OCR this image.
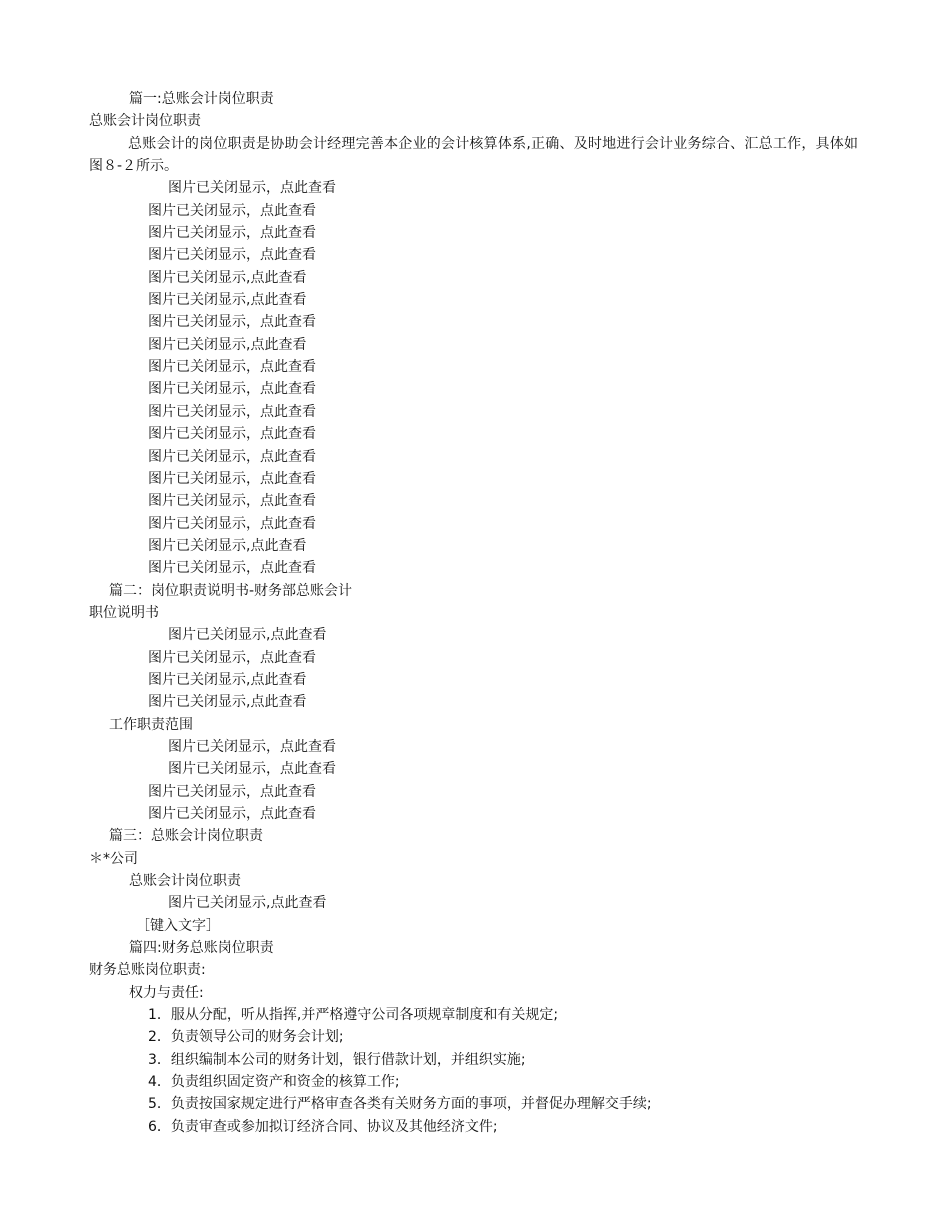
篇一:总账会计岗位职责
总账会计岗位职责
总账会计的岗位职责是协助会计经理完善本企业的会计核算体系,正确、及时地进行会计业务综合、汇总工作，具体如图８-２所示。
图片已关闭显示，点此查看
图片已关闭显示，点此查看
图片已关闭显示，点此查看
图片已关闭显示，点此查看
图片已关闭显示,点此查看
图片已关闭显示,点此查看
图片已关闭显示，点此查看
图片已关闭显示,点此查看
图片已关闭显示，点此查看
图片已关闭显示，点此查看
图片已关闭显示，点此查看
图片已关闭显示，点此查看
图片已关闭显示，点此查看
图片已关闭显示，点此查看
图片已关闭显示，点此查看
图片已关闭显示，点此查看
图片已关闭显示,点此查看
图片已关闭显示，点此查看
篇二：岗位职责说明书-财务部总账会计
职位说明书
图片已关闭显示,点此查看
图片已关闭显示，点此查看
图片已关闭显示,点此查看
图片已关闭显示,点此查看
工作职责范围
图片已关闭显示，点此查看
图片已关闭显示，点此查看
图片已关闭显示，点此查看
图片已关闭显示，点此查看
篇三：总账会计岗位职责
＊*公司
总账会计岗位职责
图片已关闭显示,点此查看
［键入文字］
篇四:财务总账岗位职责
财务总账岗位职责:
权力与责任:
1．服从分配，听从指挥,并严格遵守公司各项规章制度和有关规定;
2．负责领导公司的财务会计划;
3．组织编制本公司的财务计划，银行借款计划，并组织实施;
4．负责组织固定资产和资金的核算工作;
5．负责按国家规定进行严格审查各类有关财务方面的事项，并督促办理解交手续;
6．负责审查或参加拟订经济合同、协议及其他经济文件;
